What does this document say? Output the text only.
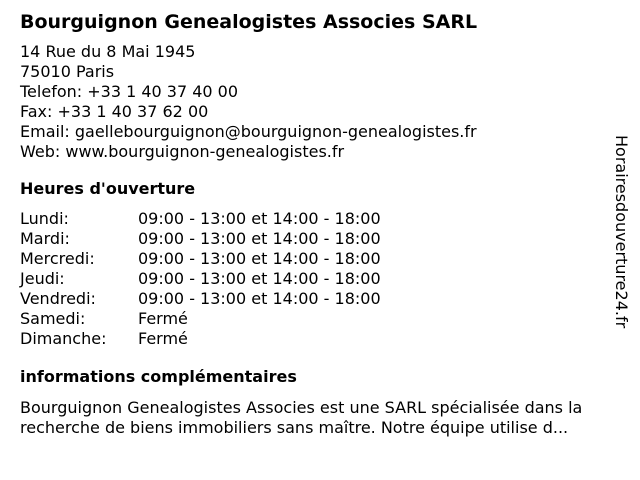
Bourguignon Genealogistes Associes SARL
14 Rue du 8 Mai 1945
75010 Paris
Telefon: +33 1 40 37 40 00
Fax: +33 1 40 37 62 00
Email: gaellebourguignon@bourguignon-genealogistes.fr
Web: www.bourguignon-genealogistes.fr
Heures d'ouverture
Lundi:	09:00 - 13:00 et 14:00 - 18:00
Mardi:	09:00 - 13:00 et 14:00 - 18:00
Mercredi:	09:00 - 13:00 et 14:00 - 18:00
Jeudi:	09:00 - 13:00 et 14:00 - 18:00
Vendredi:	09:00 - 13:00 et 14:00 - 18:00
Samedi:	Fermé
Dimanche:	Fermé
informations complémentaires
Bourguignon Genealogistes Associes est une SARL spécialisée dans la
recherche de biens immobiliers sans maître. Notre équipe utilise d...
Horairesdouverture24.fr
